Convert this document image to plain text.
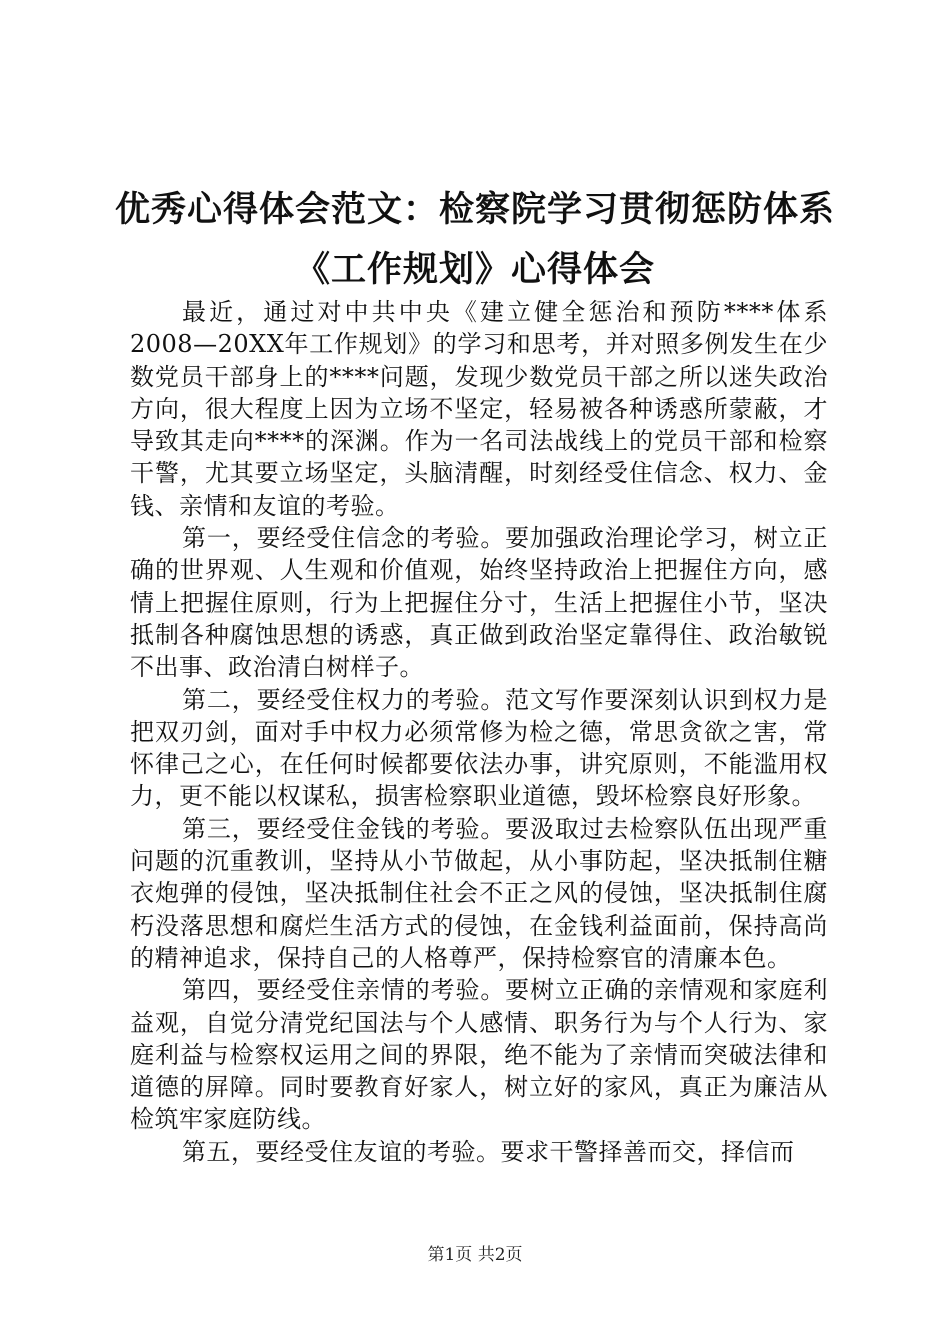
优秀心得体会范文：检察院学习贯彻惩防体系
《工作规划》心得体会

最近，通过对中共中央《建立健全惩治和预防****体系2008—20XX年工作规划》的学习和思考，并对照多例发生在少数党员干部身上的****问题，发现少数党员干部之所以迷失政治方向，很大程度上因为立场不坚定，轻易被各种诱惑所蒙蔽，才导致其走向****的深渊。作为一名司法战线上的党员干部和检察干警，尤其要立场坚定，头脑清醒，时刻经受住信念、权力、金钱、亲情和友谊的考验。

第一，要经受住信念的考验。要加强政治理论学习，树立正确的世界观、人生观和价值观，始终坚持政治上把握住方向，感情上把握住原则，行为上把握住分寸，生活上把握住小节，坚决抵制各种腐蚀思想的诱惑，真正做到政治坚定靠得住、政治敏锐不出事、政治清白树样子。

第二，要经受住权力的考验。范文写作要深刻认识到权力是把双刃剑，面对手中权力必须常修为检之德，常思贪欲之害，常怀律己之心，在任何时候都要依法办事，讲究原则，不能滥用权力，更不能以权谋私，损害检察职业道德，毁坏检察良好形象。

第三，要经受住金钱的考验。要汲取过去检察队伍出现严重问题的沉重教训，坚持从小节做起，从小事防起，坚决抵制住糖衣炮弹的侵蚀，坚决抵制住社会不正之风的侵蚀，坚决抵制住腐朽没落思想和腐烂生活方式的侵蚀，在金钱利益面前，保持高尚的精神追求，保持自己的人格尊严，保持检察官的清廉本色。

第四，要经受住亲情的考验。要树立正确的亲情观和家庭利益观，自觉分清党纪国法与个人感情、职务行为与个人行为、家庭利益与检察权运用之间的界限，绝不能为了亲情而突破法律和道德的屏障。同时要教育好家人，树立好的家风，真正为廉洁从检筑牢家庭防线。

第五，要经受住友谊的考验。要求干警择善而交，择信而

第1页 共2页
